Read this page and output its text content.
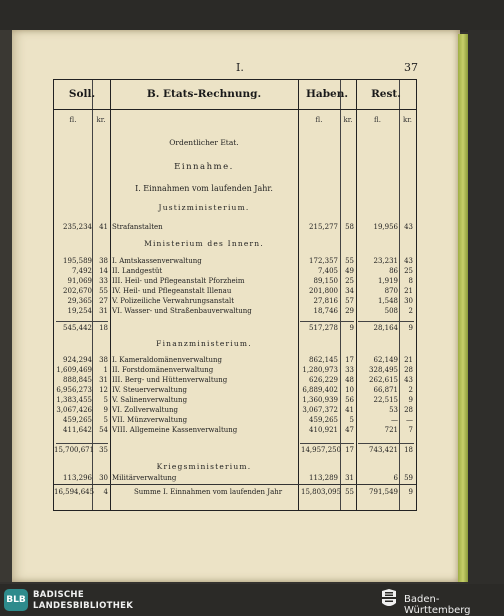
I.	37
Soll.	B. Etats-Rechnung.	Haben.	Rest.
fl.	kr.	fl.	kr.	fl.	kr.
Ordentlicher Etat.
Einnahme.
I. Einnahmen vom laufenden Jahr.
Justizministerium.
Ministerium des Innern.
Finanzministerium.
Kriegsministerium.
235,234	41 Strafanstalten	215,277	58	19,956 43
195,589	38 I. Amtskassenverwaltung	172,357	55	23,231 43
7,492	14 II. Landgestüt	7,405	49	86 25
91,069	33 III. Heil- und Pflegeanstalt Pforzheim	89,150	25	1,919	8
202,670	55 IV. Heil- und Pflegeanstalt Illenau	201,800	34	870 21
29,365	27 V. Polizeiliche Verwahrungsanstalt	27,816	57	1,548 30
19,254	31 VI. Wasser- und Straßenbauverwaltung	18,746	29	508	2
545,442	18	517,278	9	28,164	9
924,294	38 I. Kameraldomänenverwaltung	862,145	17	62,149 21
1,609,469	1 II. Forstdomänenverwaltung	1,280,973	33	328,495 28
888,845	31 III. Berg- und Hüttenverwaltung	626,229	48	262,615 43
6,956,273	12 IV. Steuerverwaltung	6,889,402	10	66,871	2
1,383,455	5 V. Salinenverwaltung	1,360,939	56	22,515	9
3,067,426	9 VI. Zollverwaltung	3,067,372	41	53 28
459,265	5 VII. Münzverwaltung	459,265	5	—	—
411,642	54 VIII. Allgemeine Kassenverwaltung	410,921	47	721	7
15,700,671 35	14,957,250 17	743,421 18
113,296	30 Militärverwaltung	113,289	31	6 59
16,594,645	4	Summe I. Einnahmen vom laufenden Jahr	15,803,095 55	791,549	9
BLB BADISCHE
LANDESBIBLIOTHEK
Baden-Württemberg
